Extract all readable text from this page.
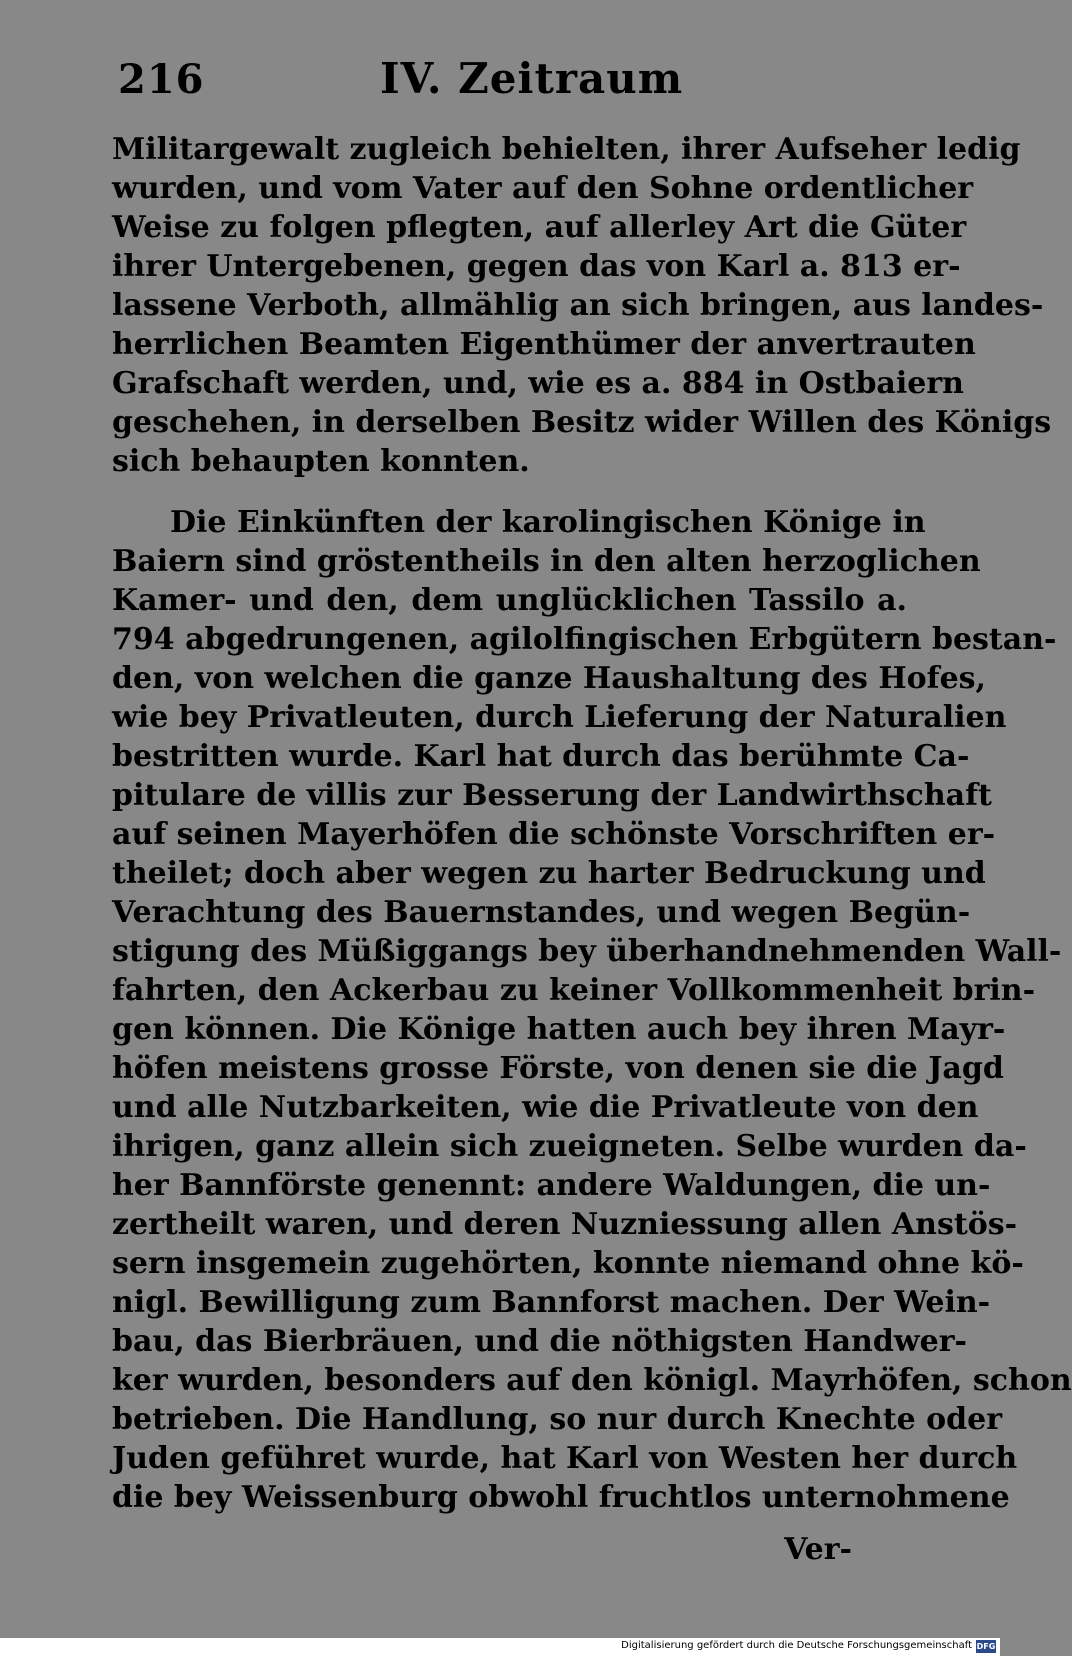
216	IV. Zeitraum
Militargewalt zugleich behielten, ihrer Aufseher ledig
wurden, und vom Vater auf den Sohne ordentlicher
Weise zu folgen pflegten, auf allerley Art die Güter
ihrer Untergebenen, gegen das von Karl a. 813 er-
lassene Verboth, allmählig an sich bringen, aus landes-
herrlichen Beamten Eigenthümer der anvertrauten
Grafschaft werden, und, wie es a. 884 in Ostbaiern
geschehen, in derselben Besitz wider Willen des Königs
sich behaupten konnten.
Die Einkünften der karolingischen Könige in
Baiern sind gröstentheils in den alten herzoglichen
Kamer- und den, dem unglücklichen Tassilo a.
794 abgedrungenen, agilolfingischen Erbgütern bestan-
den, von welchen die ganze Haushaltung des Hofes,
wie bey Privatleuten, durch Lieferung der Naturalien
bestritten wurde. Karl hat durch das berühmte Ca-
pitulare de villis zur Besserung der Landwirthschaft
auf seinen Mayerhöfen die schönste Vorschriften er-
theilet; doch aber wegen zu harter Bedruckung und
Verachtung des Bauernstandes, und wegen Begün-
stigung des Müßiggangs bey überhandnehmenden Wall-
fahrten, den Ackerbau zu keiner Vollkommenheit brin-
gen können. Die Könige hatten auch bey ihren Mayr-
höfen meistens grosse Förste, von denen sie die Jagd
und alle Nutzbarkeiten, wie die Privatleute von den
ihrigen, ganz allein sich zueigneten. Selbe wurden da-
her Bannförste genennt: andere Waldungen, die un-
zertheilt waren, und deren Nuzniessung allen Anstös-
sern insgemein zugehörten, konnte niemand ohne kö-
nigl. Bewilligung zum Bannforst machen. Der Wein-
bau, das Bierbräuen, und die nöthigsten Handwer-
ker wurden, besonders auf den königl. Mayrhöfen, schon
betrieben. Die Handlung, so nur durch Knechte oder
Juden geführet wurde, hat Karl von Westen her durch
die bey Weissenburg obwohl fruchtlos unternohmene
Ver-
Digitalisierung gefördert durch die Deutsche Forschungsgemeinschaft DFG
